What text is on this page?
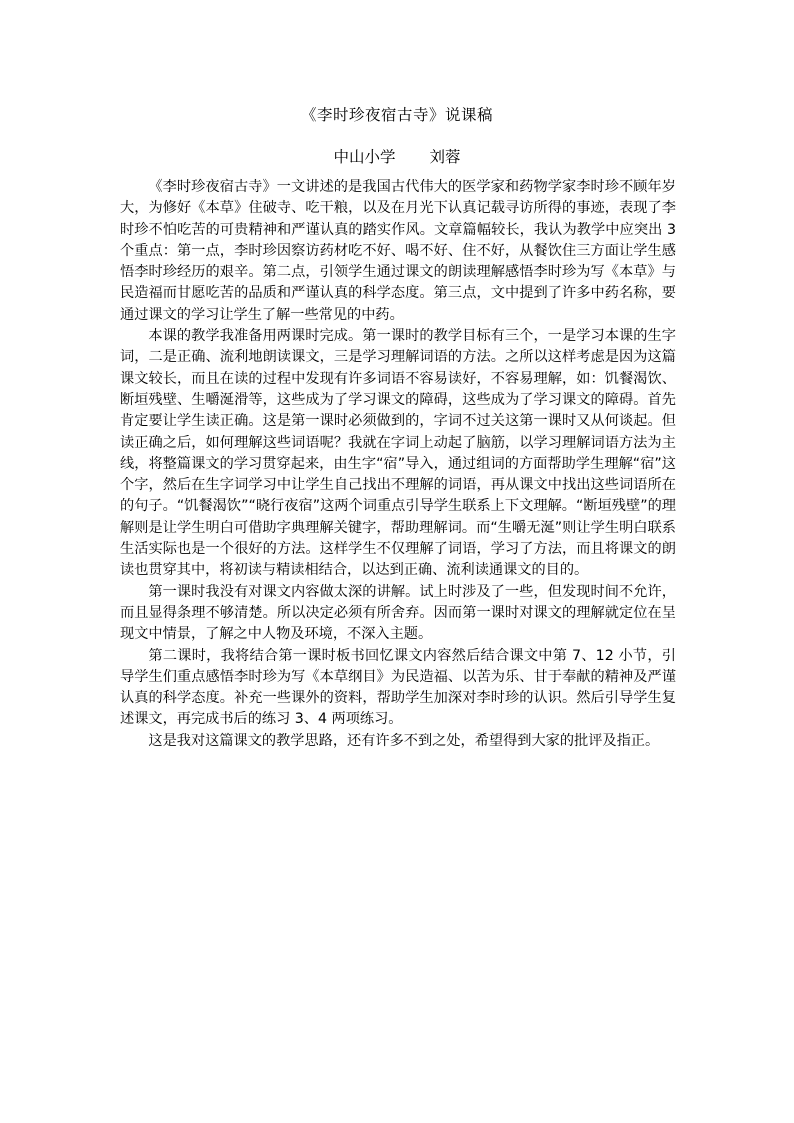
《李时珍夜宿古寺》说课稿
中山小学 刘蓉

《李时珍夜宿古寺》一文讲述的是我国古代伟大的医学家和药物学家李时珍不顾年岁大，为修好《本草》住破寺、吃干粮，以及在月光下认真记载寻访所得的事迹，表现了李时珍不怕吃苦的可贵精神和严谨认真的踏实作风。文章篇幅较长，我认为教学中应突出 3 个重点：第一点，李时珍因察访药材吃不好、喝不好、住不好，从餐饮住三方面让学生感悟李时珍经历的艰辛。第二点，引领学生通过课文的朗读理解感悟李时珍为写《本草》与民造福而甘愿吃苦的品质和严谨认真的科学态度。第三点，文中提到了许多中药名称，要通过课文的学习让学生了解一些常见的中药。

本课的教学我准备用两课时完成。第一课时的教学目标有三个，一是学习本课的生字词，二是正确、流利地朗读课文，三是学习理解词语的方法。之所以这样考虑是因为这篇课文较长，而且在读的过程中发现有许多词语不容易读好，不容易理解，如：饥餐渴饮、断垣残壁、生嚼涎滑等，这些成为了学习课文的障碍，这些成为了学习课文的障碍。首先肯定要让学生读正确。这是第一课时必须做到的，字词不过关这第一课时又从何谈起。但读正确之后，如何理解这些词语呢？我就在字词上动起了脑筋，以学习理解词语方法为主线，将整篇课文的学习贯穿起来，由生字“宿”导入，通过组词的方面帮助学生理解“宿”这个字，然后在生字词学习中让学生自己找出不理解的词语，再从课文中找出这些词语所在的句子。“饥餐渴饮”“晓行夜宿”这两个词重点引导学生联系上下文理解。“断垣残壁”的理解则是让学生明白可借助字典理解关键字，帮助理解词。而“生嚼无涎”则让学生明白联系生活实际也是一个很好的方法。这样学生不仅理解了词语，学习了方法，而且将课文的朗读也贯穿其中，将初读与精读相结合，以达到正确、流利读通课文的目的。

第一课时我没有对课文内容做太深的讲解。试上时涉及了一些，但发现时间不允许，而且显得条理不够清楚。所以决定必须有所舍弃。因而第一课时对课文的理解就定位在呈现文中情景，了解之中人物及环境，不深入主题。

第二课时，我将结合第一课时板书回忆课文内容然后结合课文中第 7、12 小节，引导学生们重点感悟李时珍为写《本草纲目》为民造福、以苦为乐、甘于奉献的精神及严谨认真的科学态度。补充一些课外的资料，帮助学生加深对李时珍的认识。然后引导学生复述课文，再完成书后的练习 3、4 两项练习。

这是我对这篇课文的教学思路，还有许多不到之处，希望得到大家的批评及指正。
